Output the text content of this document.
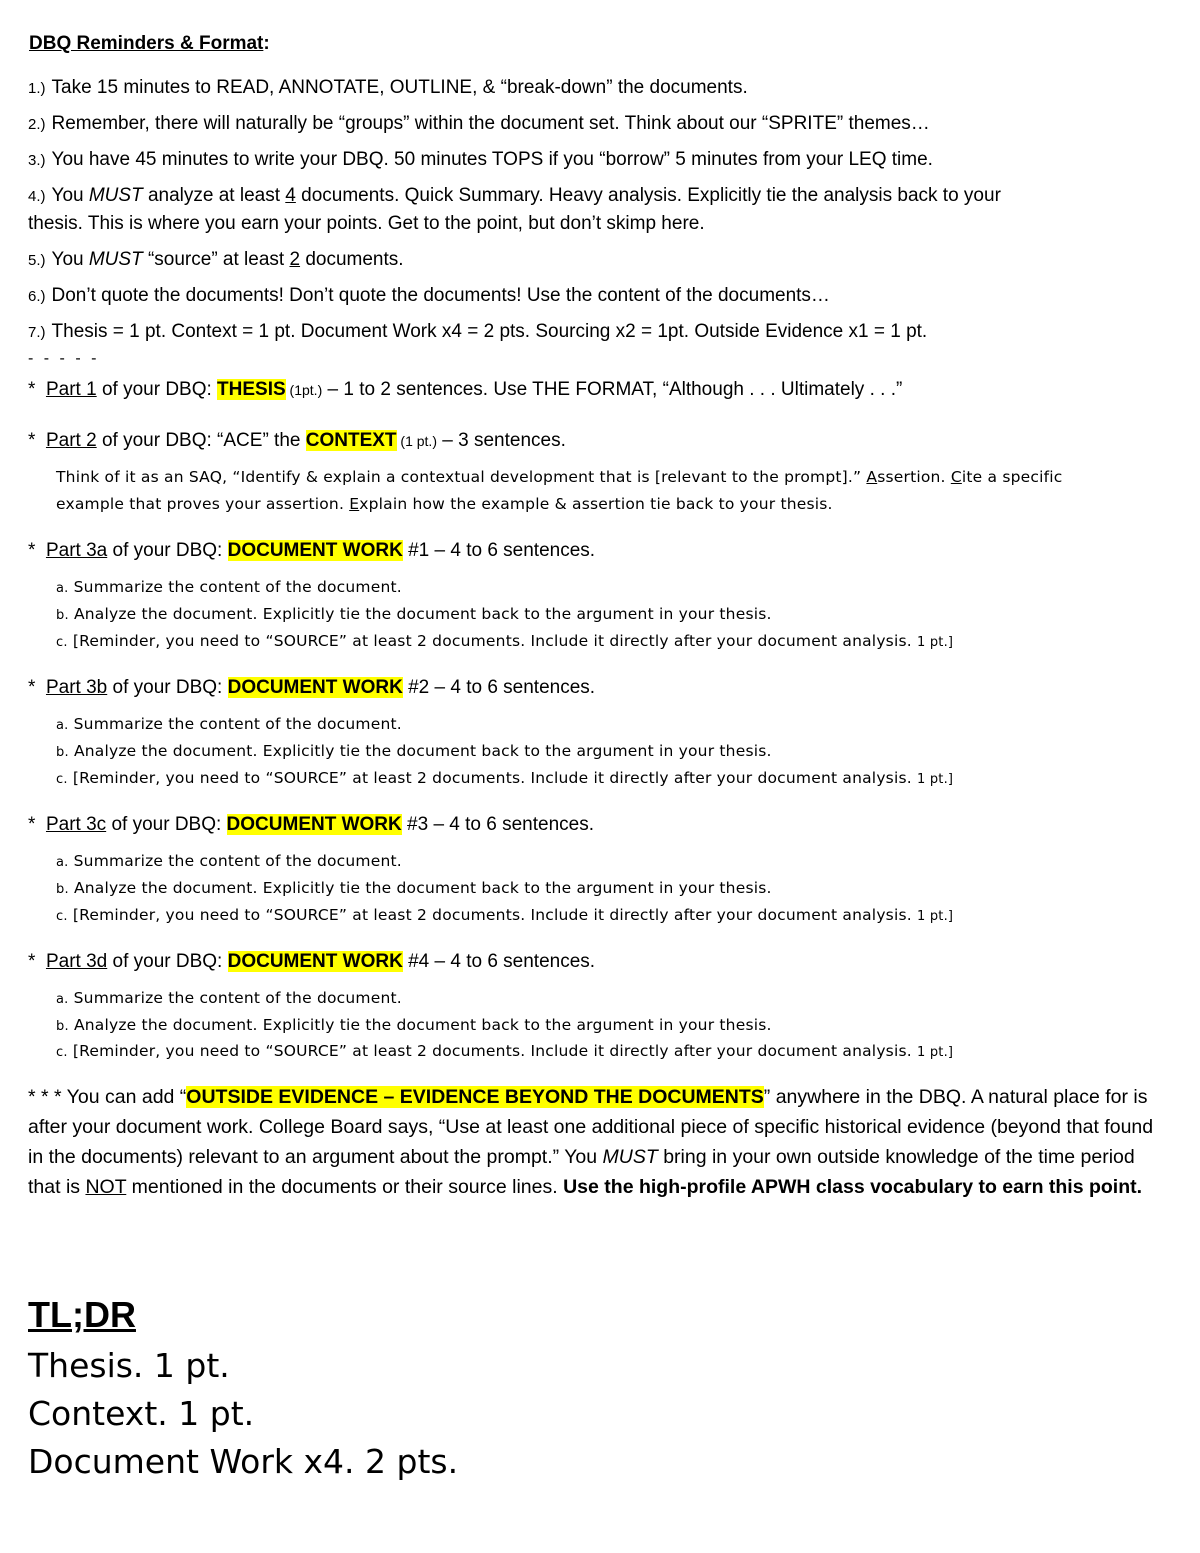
DBQ Reminders & Format:
1.) Take 15 minutes to READ, ANNOTATE, OUTLINE, & “break-down” the documents.
2.) Remember, there will naturally be “groups” within the document set. Think about our “SPRITE” themes…
3.) You have 45 minutes to write your DBQ. 50 minutes TOPS if you “borrow” 5 minutes from your LEQ time.
4.) You MUST analyze at least 4 documents. Quick Summary. Heavy analysis. Explicitly tie the analysis back to your
thesis. This is where you earn your points. Get to the point, but don’t skimp here.
5.) You MUST “source” at least 2 documents.
6.) Don’t quote the documents! Don’t quote the documents! Use the content of the documents…
7.) Thesis = 1 pt. Context = 1 pt. Document Work x4 = 2 pts. Sourcing x2 = 1pt. Outside Evidence x1 = 1 pt.
- - - - -
* Part 1 of your DBQ: THESIS (1pt.) – 1 to 2 sentences. Use THE FORMAT, “Although . . . Ultimately . . .”
* Part 2 of your DBQ: “ACE” the CONTEXT (1 pt.) – 3 sentences.
Think of it as an SAQ, “Identify & explain a contextual development that is [relevant to the prompt].” Assertion. Cite a specific
example that proves your assertion. Explain how the example & assertion tie back to your thesis.
* Part 3a of your DBQ: DOCUMENT WORK #1 – 4 to 6 sentences.
a. Summarize the content of the document.
b. Analyze the document. Explicitly tie the document back to the argument in your thesis.
c. [Reminder, you need to “SOURCE” at least 2 documents. Include it directly after your document analysis. 1 pt.]
* Part 3b of your DBQ: DOCUMENT WORK #2 – 4 to 6 sentences.
a. Summarize the content of the document.
b. Analyze the document. Explicitly tie the document back to the argument in your thesis.
c. [Reminder, you need to “SOURCE” at least 2 documents. Include it directly after your document analysis. 1 pt.]
* Part 3c of your DBQ: DOCUMENT WORK #3 – 4 to 6 sentences.
a. Summarize the content of the document.
b. Analyze the document. Explicitly tie the document back to the argument in your thesis.
c. [Reminder, you need to “SOURCE” at least 2 documents. Include it directly after your document analysis. 1 pt.]
* Part 3d of your DBQ: DOCUMENT WORK #4 – 4 to 6 sentences.
a. Summarize the content of the document.
b. Analyze the document. Explicitly tie the document back to the argument in your thesis.
c. [Reminder, you need to “SOURCE” at least 2 documents. Include it directly after your document analysis. 1 pt.]
* * * You can add “OUTSIDE EVIDENCE – EVIDENCE BEYOND THE DOCUMENTS” anywhere in the DBQ. A natural place for is after your document work. College Board says, “Use at least one additional piece of specific historical evidence (beyond that found in the documents) relevant to an argument about the prompt.” You MUST bring in your own outside knowledge of the time period that is NOT mentioned in the documents or their source lines. Use the high-profile APWH class vocabulary to earn this point.
TL;DR
Thesis. 1 pt.
Context. 1 pt.
Document Work x4. 2 pts.
